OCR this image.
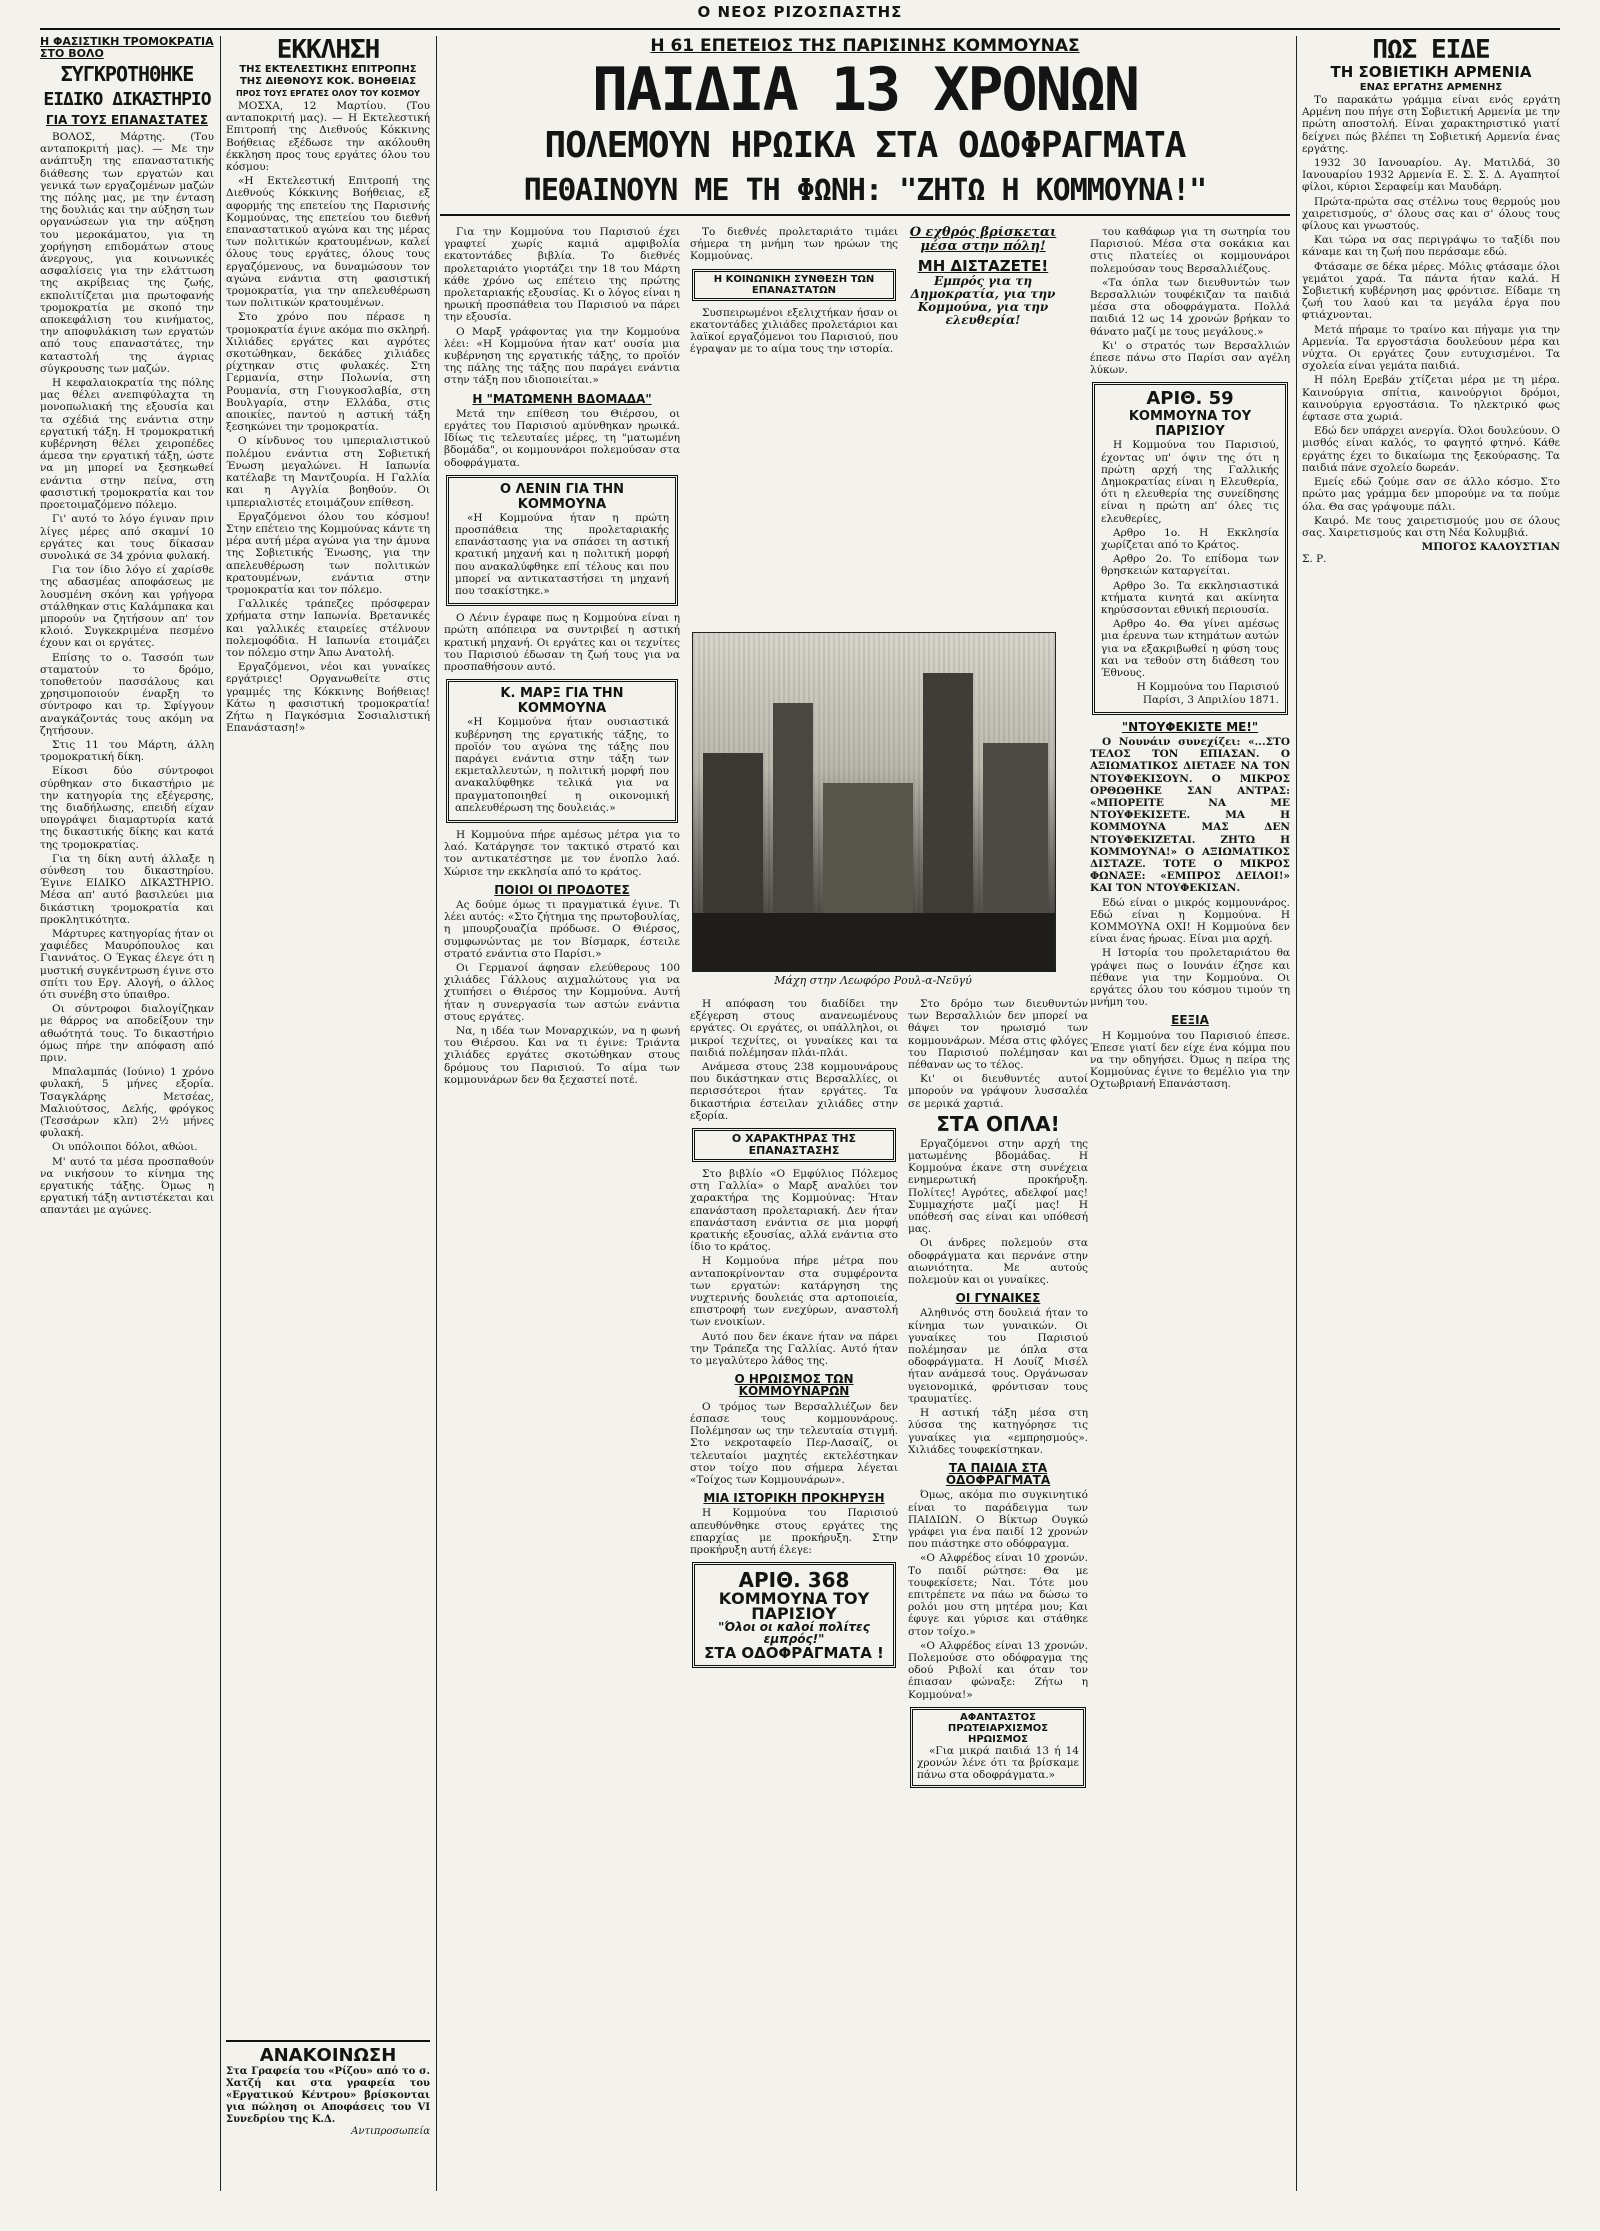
Ο ΝΕΟΣ ΡΙΖΟΣΠΑΣΤΗΣ
Η ΦΑΣΙΣΤΙΚΗ ΤΡΟΜΟΚΡΑΤΙΑ ΣΤΟ ΒΟΛΟ
ΣΥΓΚΡΟΤΗΘΗΚΕ
ΕΙΔΙΚΟ ΔΙΚΑΣΤΗΡΙΟ
ΓΙΑ ΤΟΥΣ ΕΠΑΝΑΣΤΑΤΕΣ

ΒΟΛΟΣ, Μάρτης. (Του ανταποκριτή μας). — Με την ανάπτυξη της επαναστατικής διάθεσης των εργατών και γενικά των εργαζομένων μαζών της πόλης μας, με την ένταση της δουλιάς και την αύξηση των οργανώσεων για την αύξηση του μεροκάματου, για τη χορήγηση επιδομάτων στους άνεργους, για κοινωνικές ασφαλίσεις για την ελάττωση της ακρίβειας της ζωής, εκπολιτίζεται μια πρωτοφανής τρομοκρατία με σκοπό την αποκεφάλιση του κινήματος, την αποφυλάκιση των εργατών από τους επαναστάτες, την καταστολή της άγριας σύγκρουσης των μαζών.

Η κεφαλαιοκρατία της πόλης μας θέλει ανεπιφύλαχτα τη μονοπωλιακή της εξουσία και τα σχέδιά της ενάντια στην εργατική τάξη. Η τρομοκρατική κυβέρνηση θέλει χειροπέδες άμεσα την εργατική τάξη, ώστε να μη μπορεί να ξεσηκωθεί ενάντια στην πείνα, στη φασιστική τρομοκρατία και τον προετοιμαζόμενο πόλεμο.

Γι' αυτό το λόγο έγιναν πριν λίγες μέρες από σκαμνί 10 εργάτες και τους δίκασαν συνολικά σε 34 χρόνια φυλακή.

Για τον ίδιο λόγο εί χαρίσθε της αδασμέας αποφάσεως με λουσμένη σκόνη και γρήγορα στάλθηκαν στις Καλάμπακα και μπορούν να ζητήσουν απ' τον κλοιό. Συγκεκριμένα πεσμένο έχουν και οι εργάτες.

Επίσης το ο. Τασσόπ των σταματούν το δρόμο, τοποθετούν πασσάλους και χρησιμοποιούν έναρξη το σύντροφο και τρ. Σφίγγουν αναγκάζοντάς τους ακόμη να ζητήσουν.

Στις 11 του Μάρτη, άλλη τρομοκρατική δίκη.

Είκοσι δύο σύντροφοι σύρθηκαν στο δικαστήριο με την κατηγορία της εξέγερσης, της διαδήλωσης, επειδή είχαν υπογράψει διαμαρτυρία κατά της δικαστικής δίκης και κατά της τρομοκρατίας.

Για τη δίκη αυτή άλλαξε η σύνθεση του δικαστηρίου. Έγινε ΕΙΔΙΚΟ ΔΙΚΑΣΤΗΡΙΟ. Μέσα απ' αυτό βασιλεύει μια δικάστικη τρομοκρατία και προκλητικότητα.

Μάρτυρες κατηγορίας ήταν οι χαφιέδες Μαυρόπουλος και Γιαννάτος. Ο Έγκας έλεγε ότι η μυστική συγκέντρωση έγινε στο σπίτι του Εργ. Αλογή, ο άλλος ότι συνέβη στο ύπαιθρο.

Οι σύντροφοι διαλογίζηκαν με θάρρος να αποδείξουν την αθωότητά τους. Το δικαστήριο όμως πήρε την απόφαση από πριν.

Μπαλαμπάς (Ιούνιο) 1 χρόνο φυλακή, 5 μήνες εξορία. Τσαγκλάρης Μετσέας, Μαλιούτσος, Δελής, φρόγκος (Τεσσάρων κλπ) 2½ μήνες φυλακή.

Οι υπόλοιποι δόλοι, αθώοι.

Μ' αυτό τα μέσα προσπαθούν να νικήσουν το κίνημα της εργατικής τάξης. Όμως η εργατική τάξη αντιστέκεται και απαντάει με αγώνες.

ΕΚΚΛΗΣΗ
ΤΗΣ ΕΚΤΕΛΕΣΤΙΚΗΣ ΕΠΙΤΡΟΠΗΣ
ΤΗΣ ΔΙΕΘΝΟΥΣ ΚΟΚ. ΒΟΗΘΕΙΑΣ
ΠΡΟΣ ΤΟΥΣ ΕΡΓΑΤΕΣ ΟΛΟΥ ΤΟΥ ΚΟΣΜΟΥ

ΜΟΣΧΑ, 12 Μαρτίου. (Του ανταποκριτή μας). — Η Εκτελεστική Επιτροπή της Διεθνούς Κόκκινης Βοήθειας εξέδωσε την ακόλουθη έκκληση προς τους εργάτες όλου του κόσμου:

«Η Εκτελεστική Επιτροπή της Διεθνούς Κόκκινης Βοήθειας, εξ αφορμής της επετείου της Παρισινής Κομμούνας, της επετείου του διεθνή επαναστατικού αγώνα και της μέρας των πολιτικών κρατουμένων, καλεί όλους τους εργάτες, όλους τους εργαζόμενους, να δυναμώσουν τον αγώνα ενάντια στη φασιστική τρομοκρατία, για την απελευθέρωση των πολιτικών κρατουμένων.

Στο χρόνο που πέρασε η τρομοκρατία έγινε ακόμα πιο σκληρή. Χιλιάδες εργάτες και αγρότες σκοτώθηκαν, δεκάδες χιλιάδες ρίχτηκαν στις φυλακές. Στη Γερμανία, στην Πολωνία, στη Ρουμανία, στη Γιουγκοσλαβία, στη Βουλγαρία, στην Ελλάδα, στις αποικίες, παντού η αστική τάξη ξεσηκώνει την τρομοκρατία.

Ο κίνδυνος του ιμπεριαλιστικού πολέμου ενάντια στη Σοβιετική Ένωση μεγαλώνει. Η Ιαπωνία κατέλαβε τη Μαντζουρία. Η Γαλλία και η Αγγλία βοηθούν. Οι ιμπεριαλιστές ετοιμάζουν επίθεση.

Εργαζόμενοι όλου του κόσμου! Στην επέτειο της Κομμούνας κάντε τη μέρα αυτή μέρα αγώνα για την άμυνα της Σοβιετικής Ένωσης, για την απελευθέρωση των πολιτικών κρατουμένων, ενάντια στην τρομοκρατία και τον πόλεμο.

Γαλλικές τράπεζες πρόσφεραν χρήματα στην Ιαπωνία. Βρετανικές και γαλλικές εταιρείες στέλνουν πολεμοφόδια. Η Ιαπωνία ετοιμάζει τον πόλεμο στην Άπω Ανατολή.

Εργαζόμενοι, νέοι και γυναίκες εργάτριες! Οργανωθείτε στις γραμμές της Κόκκινης Βοήθειας! Κάτω η φασιστική τρομοκρατία! Ζήτω η Παγκόσμια Σοσιαλιστική Επανάσταση!»

ΑΝΑΚΟΙΝΩΣΗ
Στα Γραφεία του «Ρίζου» από το σ. Χατζή και στα γραφεία του «Εργατικού Κέντρου» βρίσκονται για πώληση οι Αποφάσεις του VI Συνεδρίου της Κ.Δ.
Αντιπροσωπεία
Η 61 ΕΠΕΤΕΙΟΣ ΤΗΣ ΠΑΡΙΣΙΝΗΣ ΚΟΜΜΟΥΝΑΣ
ΠΑΙΔΙΑ 13 ΧΡΟΝΩΝ
ΠΟΛΕΜΟΥΝ ΗΡΩΙΚΑ ΣΤΑ ΟΔΟΦΡΑΓΜΑΤΑ
ΠΕΘΑΙΝΟΥΝ ΜΕ ΤΗ ΦΩΝΗ: "ΖΗΤΩ Η ΚΟΜΜΟΥΝΑ!"

Για την Κομμούνα του Παρισιού έχει γραφτεί χωρίς καμιά αμφιβολία εκατοντάδες βιβλία. Το διεθνές προλεταριάτο γιορτάζει την 18 του Μάρτη κάθε χρόνο ως επέτειο της πρώτης προλεταριακής εξουσίας. Κι ο λόγος είναι η ηρωική προσπάθεια του Παρισιού να πάρει την εξουσία.

Ο Μαρξ γράφοντας για την Κομμούνα λέει: «Η Κομμούνα ήταν κατ' ουσία μια κυβέρνηση της εργατικής τάξης, το προϊόν της πάλης της τάξης που παράγει ενάντια στην τάξη που ιδιοποιείται.»

Η "ΜΑΤΩΜΕΝΗ ΒΔΟΜΑΔΑ"

Μετά την επίθεση του Θιέρσου, οι εργάτες του Παρισιού αμύνθηκαν ηρωικά. Ιδίως τις τελευταίες μέρες, τη "ματωμένη βδομάδα", οι κομμουνάροι πολεμούσαν στα οδοφράγματα.

Ο ΛΕΝΙΝ ΓΙΑ ΤΗΝ ΚΟΜΜΟΥΝΑ

«Η Κομμούνα ήταν η πρώτη προσπάθεια της προλεταριακής επανάστασης για να σπάσει τη αστική κρατική μηχανή και η πολιτική μορφή που ανακαλύφθηκε επί τέλους και που μπορεί να αντικαταστήσει τη μηχανή που τσακίστηκε.»

Ο Λένιν έγραφε πως η Κομμούνα είναι η πρώτη απόπειρα να συντριβεί η αστική κρατική μηχανή. Οι εργάτες και οι τεχνίτες του Παρισιού έδωσαν τη ζωή τους για να προσπαθήσουν αυτό.

Κ. ΜΑΡΞ ΓΙΑ ΤΗΝ ΚΟΜΜΟΥΝΑ

«Η Κομμούνα ήταν ουσιαστικά κυβέρνηση της εργατικής τάξης, το προϊόν του αγώνα της τάξης που παράγει ενάντια στην τάξη των εκμεταλλευτών, η πολιτική μορφή που ανακαλύφθηκε τελικά για να πραγματοποιηθεί η οικονομική απελευθέρωση της δουλειάς.»

Η Κομμούνα πήρε αμέσως μέτρα για το λαό. Κατάργησε τον τακτικό στρατό και τον αντικατέστησε με τον ένοπλο λαό. Χώρισε την εκκλησία από το κράτος.

ΠΟΙΟΙ ΟΙ ΠΡΟΔΟΤΕΣ

Ας δούμε όμως τι πραγματικά έγινε. Τι λέει αυτός: «Στο ζήτημα της πρωτοβουλίας, η μπουρζουαζία πρόδωσε. Ο Θιέρσος, συμφωνώντας με τον Βίσμαρκ, έστειλε στρατό ενάντια στο Παρίσι.»

Οι Γερμανοί άφησαν ελεύθερους 100 χιλιάδες Γάλλους αιχμαλώτους για να χτυπήσει ο Θιέρσος την Κομμούνα. Αυτή ήταν η συνεργασία των αστών ενάντια στους εργάτες.

Να, η ιδέα των Μοναρχικών, να η φωνή του Θιέρσου. Και να τι έγινε: Τριάντα χιλιάδες εργάτες σκοτώθηκαν στους δρόμους του Παρισιού. Το αίμα των κομμουνάρων δεν θα ξεχαστεί ποτέ.

Το διεθνές προλεταριάτο τιμάει σήμερα τη μνήμη των ηρώων της Κομμούνας.

Η ΚΟΙΝΩΝΙΚΗ ΣΥΝΘΕΣΗ ΤΩΝ ΕΠΑΝΑΣΤΑΤΩΝ

Συσπειρωμένοι εξελιχτήκαν ήσαν οι εκατοντάδες χιλιάδες προλετάριοι και λαϊκοί εργαζόμενοι του Παρισιού, που έγραψαν με το αίμα τους την ιστορία.

Μάχη στην Λεωφόρο Ρουλ-α-Νεϋγύ

Η απόφαση του διαδίδει την εξέγερση στους ανανεωμένους εργάτες. Οι εργάτες, οι υπάλληλοι, οι μικροί τεχνίτες, οι γυναίκες και τα παιδιά πολέμησαν πλάι-πλάι.

Ανάμεσα στους 238 κομμουνάρους που δικάστηκαν στις Βερσαλλίες, οι περισσότεροι ήταν εργάτες. Τα δικαστήρια έστειλαν χιλιάδες στην εξορία.

Ο ΧΑΡΑΚΤΗΡΑΣ ΤΗΣ ΕΠΑΝΑΣΤΑΣΗΣ

Στο βιβλίο «Ο Εμφύλιος Πόλεμος στη Γαλλία» ο Μαρξ αναλύει τον χαρακτήρα της Κομμούνας: Ήταν επανάσταση προλεταριακή. Δεν ήταν επανάσταση ενάντια σε μια μορφή κρατικής εξουσίας, αλλά ενάντια στο ίδιο το κράτος.

Η Κομμούνα πήρε μέτρα που ανταποκρίνονταν στα συμφέροντα των εργατών: κατάργηση της νυχτερινής δουλειάς στα αρτοποιεία, επιστροφή των ενεχύρων, αναστολή των ενοικίων.

Αυτό που δεν έκανε ήταν να πάρει την Τράπεζα της Γαλλίας. Αυτό ήταν το μεγαλύτερο λάθος της.

Ο ΗΡΩΙΣΜΟΣ ΤΩΝ ΚΟΜΜΟΥΝΑΡΩΝ

Ο τρόμος των Βερσαλλιέζων δεν έσπασε τους κομμουνάρους. Πολέμησαν ως την τελευταία στιγμή. Στο νεκροταφείο Περ-Λασαίζ, οι τελευταίοι μαχητές εκτελέστηκαν στον τοίχο που σήμερα λέγεται «Τοίχος των Κομμουνάρων».

ΜΙΑ ΙΣΤΟΡΙΚΗ ΠΡΟΚΗΡΥΞΗ

Η Κομμούνα του Παρισιού απευθύνθηκε στους εργάτες της επαρχίας με προκήρυξη. Στην προκήρυξη αυτή έλεγε:

ΑΡΙΘ. 368
ΚΟΜΜΟΥΝΑ ΤΟΥ ΠΑΡΙΣΙΟΥ
"Όλοι οι καλοί πολίτες εμπρός!"
ΣΤΑ ΟΔΟΦΡΑΓΜΑΤΑ !
Ο εχθρός βρίσκεται μέσα στην πόλη!
ΜΗ ΔΙΣΤΑΖΕΤΕ!
Εμπρός για τη Δημοκρατία, για την Κομμούνα, για την ελευθερία!

Στο δρόμο των διευθυντών των Βερσαλλιών δεν μπορεί να θάψει τον ηρωισμό των κομμουνάρων. Μέσα στις φλόγες του Παρισιού πολέμησαν και πέθαναν ως το τέλος.

Κι' οι διευθυντές αυτοί μπορούν να γράψουν λυσσαλέα σε μερικά χαρτιά.

ΣΤΑ ΟΠΛΑ!

Εργαζόμενοι στην αρχή της ματωμένης βδομάδας. Η Κομμούνα έκανε στη συνέχεια ενημερωτική προκήρυξη. Πολίτες! Αγρότες, αδελφοί μας! Συμμαχήστε μαζί μας! Η υπόθεσή σας είναι και υπόθεσή μας.

Οι άνδρες πολεμούν στα οδοφράγματα και περνάνε στην αιωνιότητα. Με αυτούς πολεμούν και οι γυναίκες.

ΟΙ ΓΥΝΑΙΚΕΣ

Αληθινός στη δουλειά ήταν το κίνημα των γυναικών. Οι γυναίκες του Παρισιού πολέμησαν με όπλα στα οδοφράγματα. Η Λουίζ Μισέλ ήταν ανάμεσά τους. Οργάνωσαν υγειονομικά, φρόντισαν τους τραυματίες.

Η αστική τάξη μέσα στη λύσσα της κατηγόρησε τις γυναίκες για «εμπρησμούς». Χιλιάδες τουφεκίστηκαν.

ΤΑ ΠΑΙΔΙΑ ΣΤΑ ΟΔΟΦΡΑΓΜΑΤΑ

Όμως, ακόμα πιο συγκινητικό είναι το παράδειγμα των ΠΑΙΔΙΩΝ. Ο Βίκτωρ Ουγκώ γράφει για ένα παιδί 12 χρονών που πιάστηκε στο οδόφραγμα.

«Ο Αλφρέδος είναι 10 χρονών. Το παιδί ρώτησε: Θα με τουφεκίσετε; Ναι. Τότε μου επιτρέπετε να πάω να δώσω το ρολόι μου στη μητέρα μου; Και έφυγε και γύρισε και στάθηκε στον τοίχο.»

«Ο Αλφρέδος είναι 13 χρονών. Πολεμούσε στο οδόφραγμα της οδού Ριβολί και όταν τον έπιασαν φώναξε: Ζήτω η Κομμούνα!»

ΑΦΑΝΤΑΣΤΟΣ ΠΡΩΤΕΙΑΡΧΙΣΜΟΣ ΗΡΩΙΣΜΟΣ

«Για μικρά παιδιά 13 ή 14 χρονών λένε ότι τα βρίσκαμε πάνω στα οδοφράγματα.»

του καθάφωρ για τη σωτηρία του Παρισιού. Μέσα στα σοκάκια και στις πλατείες οι κομμουνάροι πολεμούσαν τους Βερσαλλιέζους.

«Τα όπλα των διευθυντών των Βερσαλλιών τουφέκιζαν τα παιδιά μέσα στα οδοφράγματα. Πολλά παιδιά 12 ως 14 χρονών βρήκαν το θάνατο μαζί με τους μεγάλους.»

Κι' ο στρατός των Βερσαλλιών έπεσε πάνω στο Παρίσι σαν αγέλη λύκων.

ΑΡΙΘ. 59
ΚΟΜΜΟΥΝΑ ΤΟΥ ΠΑΡΙΣΙΟΥ

Η Κομμούνα του Παρισιού, έχοντας υπ' όψιν της ότι η πρώτη αρχή της Γαλλικής Δημοκρατίας είναι η Ελευθερία, ότι η ελευθερία της συνείδησης είναι η πρώτη απ' όλες τις ελευθερίες,

Αρθρο 1ο. Η Εκκλησία χωρίζεται από το Κράτος.

Αρθρο 2ο. Το επίδομα των θρησκειών καταργείται.

Αρθρο 3ο. Τα εκκλησιαστικά κτήματα κινητά και ακίνητα κηρύσσονται εθνική περιουσία.

Αρθρο 4ο. Θα γίνει αμέσως μια έρευνα των κτημάτων αυτών για να εξακριβωθεί η φύση τους και να τεθούν στη διάθεση του Έθνους.

Η Κομμούνα του Παρισιού Παρίσι, 3 Απριλίου 1871.

"ΝΤΟΥΦΕΚΙΣΤΕ ΜΕ!"

Ο Νουνάιν συνεχίζει: «...ΣΤΟ ΤΕΛΟΣ ΤΟΝ ΕΠΙΑΣΑΝ. Ο ΑΞΙΩΜΑΤΙΚΟΣ ΔΙΕΤΑΞΕ ΝΑ ΤΟΝ ΝΤΟΥΦΕΚΙΣΟΥΝ. Ο ΜΙΚΡΟΣ ΟΡΘΩΘΗΚΕ ΣΑΝ ΑΝΤΡΑΣ: «ΜΠΟΡΕΙΤΕ ΝΑ ΜΕ ΝΤΟΥΦΕΚΙΣΕΤΕ. ΜΑ Η ΚΟΜΜΟΥΝΑ ΜΑΣ ΔΕΝ ΝΤΟΥΦΕΚΙΖΕΤΑΙ. ΖΗΤΩ Η ΚΟΜΜΟΥΝΑ!» Ο ΑΞΙΩΜΑΤΙΚΟΣ ΔΙΣΤΑΖΕ. ΤΟΤΕ Ο ΜΙΚΡΟΣ ΦΩΝΑΞΕ: «ΕΜΠΡΟΣ ΔΕΙΛΟΙ!» ΚΑΙ ΤΟΝ ΝΤΟΥΦΕΚΙΣΑΝ.

Εδώ είναι ο μικρός κομμουνάρος. Εδώ είναι η Κομμούνα. Η ΚΟΜΜΟΥΝΑ ΟΧΙ! Η Κομμούνα δεν είναι ένας ήρωας. Είναι μια αρχή.

Η Ιστορία του προλεταριάτου θα γράψει πως ο Ιουνάιν έζησε και πέθανε για την Κομμούνα. Οι εργάτες όλου του κόσμου τιμούν τη μνήμη του.

ΕΕΞΙΑ

Η Κομμούνα του Παρισιού έπεσε. Έπεσε γιατί δεν είχε ένα κόμμα που να την οδηγήσει. Όμως η πείρα της Κομμούνας έγινε το θεμέλιο για την Οχτωβριανή Επανάσταση.

ΠΩΣ ΕΙΔΕ
ΤΗ ΣΟΒΙΕΤΙΚΗ ΑΡΜΕΝΙΑ
ΕΝΑΣ ΕΡΓΑΤΗΣ ΑΡΜΕΝΗΣ

Το παρακάτω γράμμα είναι ενός εργάτη Αρμένη που πήγε στη Σοβιετική Αρμενία με την πρώτη αποστολή. Είναι χαρακτηριστικό γιατί δείχνει πώς βλέπει τη Σοβιετική Αρμενία ένας εργάτης.

1932 30 Ιανουαρίου. Αγ. Ματιλδά, 30 Ιανουαρίου 1932 Αρμενία Ε. Σ. Σ. Δ. Αγαπητοί φίλοι, κύριοι Σεραφείμ και Μαυδάρη.

Πρώτα-πρώτα σας στέλνω τους θερμούς μου χαιρετισμούς, σ' όλους σας και σ' όλους τους φίλους και γνωστούς.

Και τώρα να σας περιγράψω το ταξίδι που κάναμε και τη ζωή που περάσαμε εδώ.

Φτάσαμε σε δέκα μέρες. Μόλις φτάσαμε όλοι γεμάτοι χαρά. Τα πάντα ήταν καλά. Η Σοβιετική κυβέρνηση μας φρόντισε. Είδαμε τη ζωή του λαού και τα μεγάλα έργα που φτιάχνονται.

Μετά πήραμε το τραίνο και πήγαμε για την Αρμενία. Τα εργοστάσια δουλεύουν μέρα και νύχτα. Οι εργάτες ζουν ευτυχισμένοι. Τα σχολεία είναι γεμάτα παιδιά.

Η πόλη Ερεβάν χτίζεται μέρα με τη μέρα. Καινούργια σπίτια, καινούργιοι δρόμοι, καινούργια εργοστάσια. Το ηλεκτρικό φως έφτασε στα χωριά.

Εδώ δεν υπάρχει ανεργία. Όλοι δουλεύουν. Ο μισθός είναι καλός, το φαγητό φτηνό. Κάθε εργάτης έχει το δικαίωμα της ξεκούρασης. Τα παιδιά πάνε σχολείο δωρεάν.

Εμείς εδώ ζούμε σαν σε άλλο κόσμο. Στο πρώτο μας γράμμα δεν μπορούμε να τα πούμε όλα. Θα σας γράψουμε πάλι.

Καιρό. Με τους χαιρετισμούς μου σε όλους σας. Χαιρετισμούς και στη Νέα Κολυμβιά.

ΜΠΟΓΟΣ ΚΑΛΟΥΣΤΙΑΝ
Σ. Ρ.
